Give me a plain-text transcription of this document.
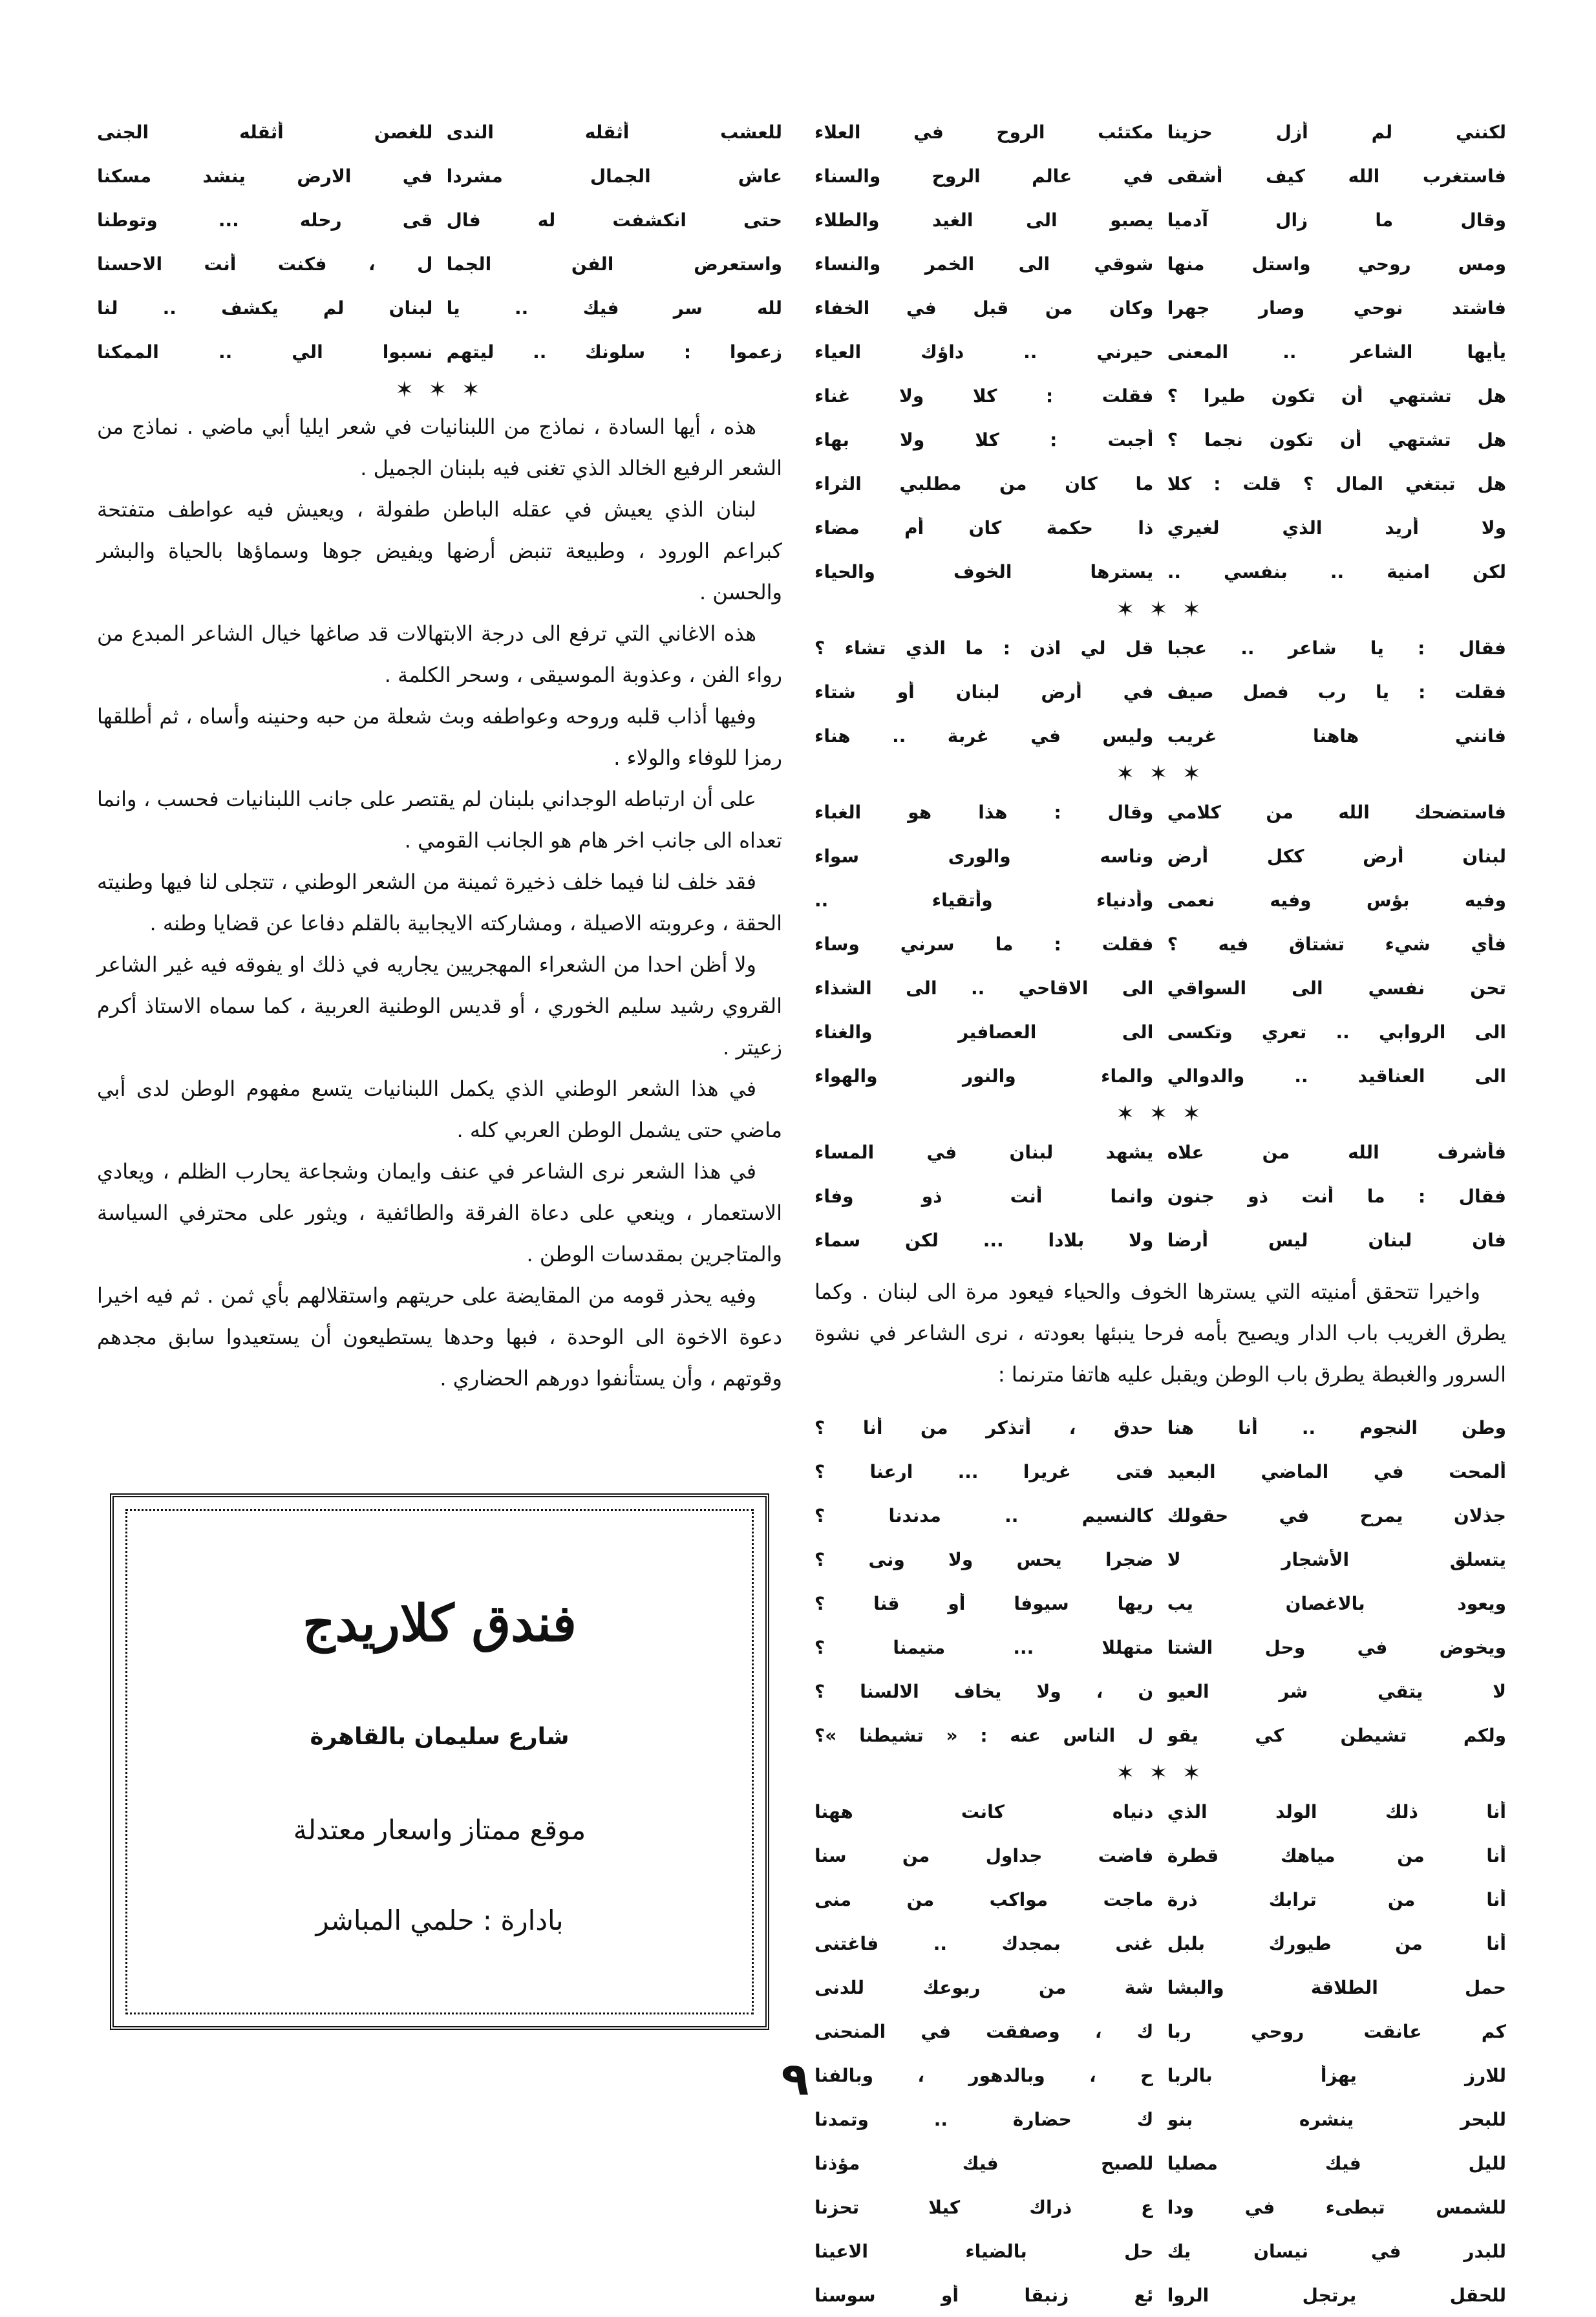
لكنني لم أزل حزينا
مكتئب الروح في العلاء
فاستغرب الله كيف أشقى
في عالم الروح والسناء
وقال ما زال آدميا
يصبو الى الغيد والطلاء
ومس روحي واستل منها
شوقي الى الخمر والنساء
فاشتد نوحي وصار جهرا
وكان من قبل في الخفاء
يأيها الشاعر .. المعنى
حيرني .. داؤك العياء
هل تشتهي أن تكون طيرا ؟
فقلت : كلا ولا غناء
هل تشتهي أن تكون نجما ؟
أجبت : كلا ولا بهاء
هل تبتغي المال ؟ قلت : كلا
ما كان من مطلبي الثراء
ولا أريد الذي لغيري
ذا حكمة كان أم مضاء
لكن امنية .. بنفسي ..
يسترها الخوف والحياء
✶ ✶ ✶
فقال : يا شاعر .. عجبا
قل لي اذن : ما الذي تشاء ؟
فقلت : يا رب فصل صيف
في أرض لبنان أو شتاء
فانني هاهنا غريب
وليس في غربة .. هناء
✶ ✶ ✶
فاستضحك الله من كلامي
وقال : هذا هو الغباء
لبنان أرض ككل أرض
وناسه والورى سواء
وفيه بؤس وفيه نعمى
وأدنياء وأتقياء ..
فأي شيء تشتاق فيه ؟
فقلت : ما سرني وساء
تحن نفسي الى السواقي
الى الاقاحي .. الى الشذاء
الى الروابي .. تعري وتكسى
الى العصافير والغناء
الى العناقيد .. والدوالي
والماء والنور والهواء
✶ ✶ ✶
فأشرف الله من علاه
يشهد لبنان في المساء
فقال : ما أنت ذو جنون
وانما أنت ذو وفاء
فان لبنان ليس أرضا
ولا بلادا ... لكن سماء

واخيرا تتحقق أمنيته التي يسترها الخوف والحياء فيعود مرة الى لبنان . وكما يطرق الغريب باب الدار ويصيح بأمه فرحا ينبئها بعودته ، نرى الشاعر في نشوة السرور والغبطة يطرق باب الوطن ويقبل عليه هاتفا مترنما :

وطن النجوم .. أنا هنا
حدق ، أتذكر من أنا ؟
ألمحت في الماضي البعيد
فتى غريرا ... ارعنا ؟
جذلان يمرح في حقولك
كالنسيم .. مدندنا ؟
يتسلق الأشجار لا
ضجرا يحس ولا ونى ؟
ويعود بالاغصان يب
ريها سيوفا أو قنا ؟
ويخوض في وحل الشتا
متهللا ... متيمنا ؟
لا يتقي شر العيو
ن ، ولا يخاف الالسنا ؟
ولكم تشيطن كي يقو
ل الناس عنه : « تشيطنا »؟
✶ ✶ ✶
أنا ذلك الولد الذي
دنياه كانت ههنا
أنا من مياهك قطرة
فاضت جداول من سنا
أنا من ترابك ذرة
ماجت مواكب من منى
أنا من طيورك بلبل
غنى بمجدك .. فاغتنى
حمل الطلاقة والبشا
شة من ربوعك للدنى
كم عانقت روحي ربا
ك ، وصفقت في المنحنى
للارز يهزأ بالربا
ح ، وبالدهور ، وبالفنا
للبحر ينشره بنو
ك حضارة .. وتمدنا
لليل فيك مصليا
للصبح فيك مؤذنا
للشمس تبطىء في ودا
ع ذراك كيلا تحزنا
للبدر في نيسان يك
حل بالضياء الاعينا
للحقل يرتجل الروا
ئع زنبقا أو سوسنا
للعشب أثقله الندى
للغصن أثقله الجنى
عاش الجمال مشردا
في الارض ينشد مسكنا
حتى انكشفت له فال
قى رحله ... وتوطنا
واستعرض الفن الجما
ل ، فكنت أنت الاحسنا
لله سر فيك .. يا
لبنان لم يكشف .. لنا
زعموا : سلونك .. ليتهم
نسبوا الي .. الممكنا
✶ ✶ ✶

هذه ، أيها السادة ، نماذج من اللبنانيات في شعر ايليا أبي ماضي . نماذج من الشعر الرفيع الخالد الذي تغنى فيه بلبنان الجميل .

لبنان الذي يعيش في عقله الباطن طفولة ، ويعيش فيه عواطف متفتحة كبراعم الورود ، وطبيعة تنبض أرضها ويفيض جوها وسماؤها بالحياة والبشر والحسن .

هذه الاغاني التي ترفع الى درجة الابتهالات قد صاغها خيال الشاعر المبدع من رواء الفن ، وعذوبة الموسيقى ، وسحر الكلمة .

وفيها أذاب قلبه وروحه وعواطفه وبث شعلة من حبه وحنينه وأساه ، ثم أطلقها رمزا للوفاء والولاء .

على أن ارتباطه الوجداني بلبنان لم يقتصر على جانب اللبنانيات فحسب ، وانما تعداه الى جانب اخر هام هو الجانب القومي .

فقد خلف لنا فيما خلف ذخيرة ثمينة من الشعر الوطني ، تتجلى لنا فيها وطنيته الحقة ، وعروبته الاصيلة ، ومشاركته الايجابية بالقلم دفاعا عن قضايا وطنه .

ولا أظن احدا من الشعراء المهجريين يجاريه في ذلك او يفوقه فيه غير الشاعر القروي رشيد سليم الخوري ، أو قديس الوطنية العربية ، كما سماه الاستاذ أكرم زعيتر .

في هذا الشعر الوطني الذي يكمل اللبنانيات يتسع مفهوم الوطن لدى أبي ماضي حتى يشمل الوطن العربي كله .

في هذا الشعر نرى الشاعر في عنف وايمان وشجاعة يحارب الظلم ، ويعادي الاستعمار ، وينعي على دعاة الفرقة والطائفية ، ويثور على محترفي السياسة والمتاجرين بمقدسات الوطن .

وفيه يحذر قومه من المقايضة على حريتهم واستقلالهم بأي ثمن . ثم فيه اخيرا دعوة الاخوة الى الوحدة ، فبها وحدها يستطيعون أن يستعيدوا سابق مجدهم وقوتهم ، وأن يستأنفوا دورهم الحضاري .

فندق كلاريدج
شارع سليمان بالقاهرة
موقع ممتاز واسعار معتدلة
بادارة : حلمي المباشر
٩
